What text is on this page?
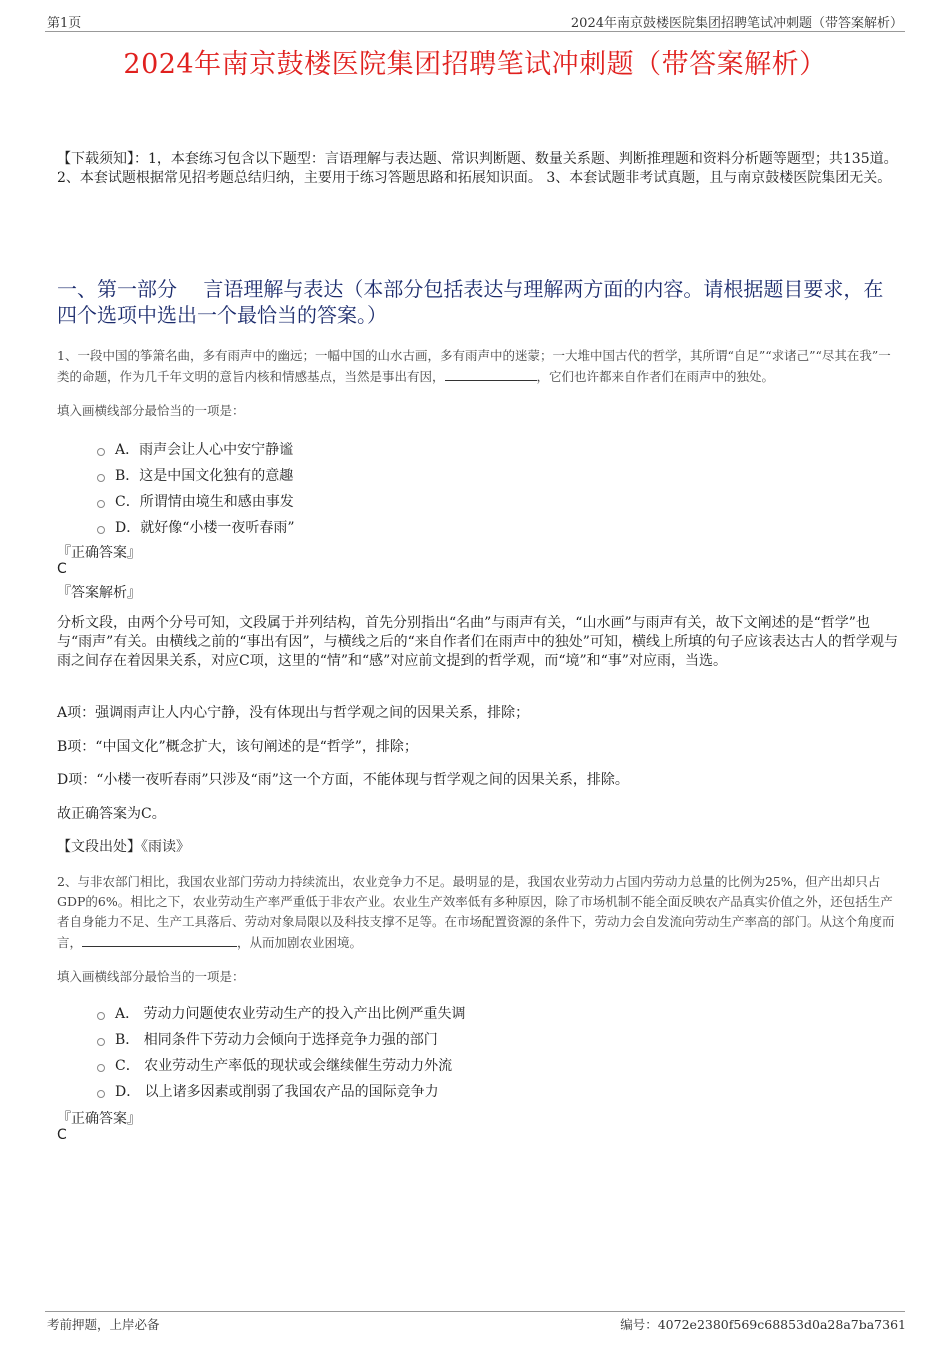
第1页	2024年南京鼓楼医院集团招聘笔试冲刺题（带答案解析）
2024年南京鼓楼医院集团招聘笔试冲刺题（带答案解析）
【下载须知】：1，本套练习包含以下题型：言语理解与表达题、常识判断题、数量关系题、判断推理题和资料分析题等题型；共135道。 2、本套试题根据常见招考题总结归纳，主要用于练习答题思路和拓展知识面。 3、本套试题非考试真题，且与南京鼓楼医院集团无关。
一、第一部分 　言语理解与表达（本部分包括表达与理解两方面的内容。请根据题目要求，在四个选项中选出一个最恰当的答案。）
1、一段中国的筝箫名曲，多有雨声中的幽远；一幅中国的山水古画，多有雨声中的迷蒙；一大堆中国古代的哲学，其所谓“自足”“求诸己”“尽其在我”一类的命题，作为几千年文明的意旨内核和情感基点，当然是事出有因，	，它们也许都来自作者们在雨声中的独处。
填入画横线部分最恰当的一项是：
A．雨声会让人心中安宁静谧
B．这是中国文化独有的意趣
C．所谓情由境生和感由事发
D．就好像“小楼一夜听春雨”
『正确答案』
C
『答案解析』
分析文段，由两个分号可知，文段属于并列结构，首先分别指出“名曲”与雨声有关，“山水画”与雨声有关，故下文阐述的是“哲学”也与“雨声”有关。由横线之前的“事出有因”，与横线之后的“来自作者们在雨声中的独处”可知，横线上所填的句子应该表达古人的哲学观与雨之间存在着因果关系，对应C项，这里的“情”和“感”对应前文提到的哲学观，而“境”和“事”对应雨，当选。
A项：强调雨声让人内心宁静，没有体现出与哲学观之间的因果关系，排除；
B项：“中国文化”概念扩大，该句阐述的是“哲学”，排除；
D项：“小楼一夜听春雨”只涉及“雨”这一个方面，不能体现与哲学观之间的因果关系，排除。
故正确答案为C。
【文段出处】《雨读》
2、与非农部门相比，我国农业部门劳动力持续流出，农业竞争力不足。最明显的是，我国农业劳动力占国内劳动力总量的比例为25%，但产出却只占GDP的6%。相比之下，农业劳动生产率严重低于非农产业。农业生产效率低有多种原因，除了市场机制不能全面反映农产品真实价值之外，还包括生产者自身能力不足、生产工具落后、劳动对象局限以及科技支撑不足等。在市场配置资源的条件下，劳动力会自发流向劳动生产率高的部门。从这个角度而言，	，从而加剧农业困境。
填入画横线部分最恰当的一项是：
A． 劳动力问题使农业劳动生产的投入产出比例严重失调
B． 相同条件下劳动力会倾向于选择竞争力强的部门
C． 农业劳动生产率低的现状或会继续催生劳动力外流
D． 以上诸多因素或削弱了我国农产品的国际竞争力
『正确答案』
C
考前押题，上岸必备	编号：4072e2380f569c68853d0a28a7ba7361
